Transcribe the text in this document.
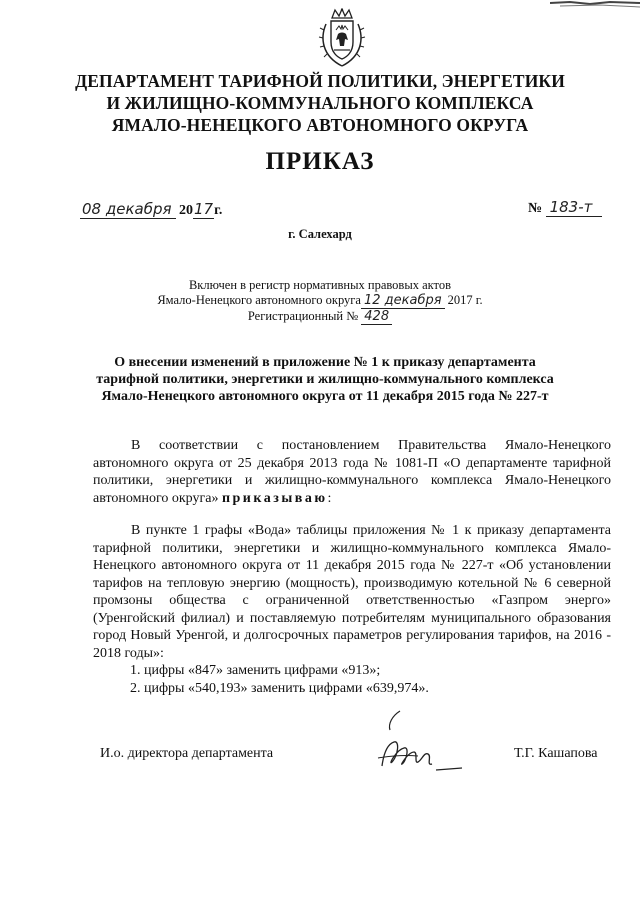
ДЕПАРТАМЕНТ ТАРИФНОЙ ПОЛИТИКИ, ЭНЕРГЕТИКИ
И ЖИЛИЩНО-КОММУНАЛЬНОГО КОМПЛЕКСА
ЯМАЛО-НЕНЕЦКОГО АВТОНОМНОГО ОКРУГА
ПРИКАЗ
08 декабря 2017г.	№ 183-т
г. Салехард
Включен в регистр нормативных правовых актов
Ямало-Ненецкого автономного округа 12 декабря 2017 г.
Регистрационный № 428
О внесении изменений в приложение № 1 к приказу департамента
тарифной политики, энергетики и жилищно-коммунального комплекса
Ямало-Ненецкого автономного округа от 11 декабря 2015 года № 227-т
В соответствии с постановлением Правительства Ямало-Ненецкого автономного округа от 25 декабря 2013 года № 1081-П «О департаменте тарифной политики, энергетики и жилищно-коммунального комплекса Ямало-Ненецкого автономного округа» приказываю:
В пункте 1 графы «Вода» таблицы приложения № 1 к приказу департамента тарифной политики, энергетики и жилищно-коммунального комплекса Ямало-Ненецкого автономного округа от 11 декабря 2015 года № 227-т «Об установлении тарифов на тепловую энергию (мощность), производимую котельной № 6 северной промзоны общества с ограниченной ответственностью «Газпром энерго» (Уренгойский филиал) и поставляемую потребителям муниципального образования город Новый Уренгой, и долгосрочных параметров регулирования тарифов, на 2016 - 2018 годы»:
1. цифры «847» заменить цифрами «913»;
2. цифры «540,193» заменить цифрами «639,974».
И.о. директора департамента	Т.Г. Кашапова
